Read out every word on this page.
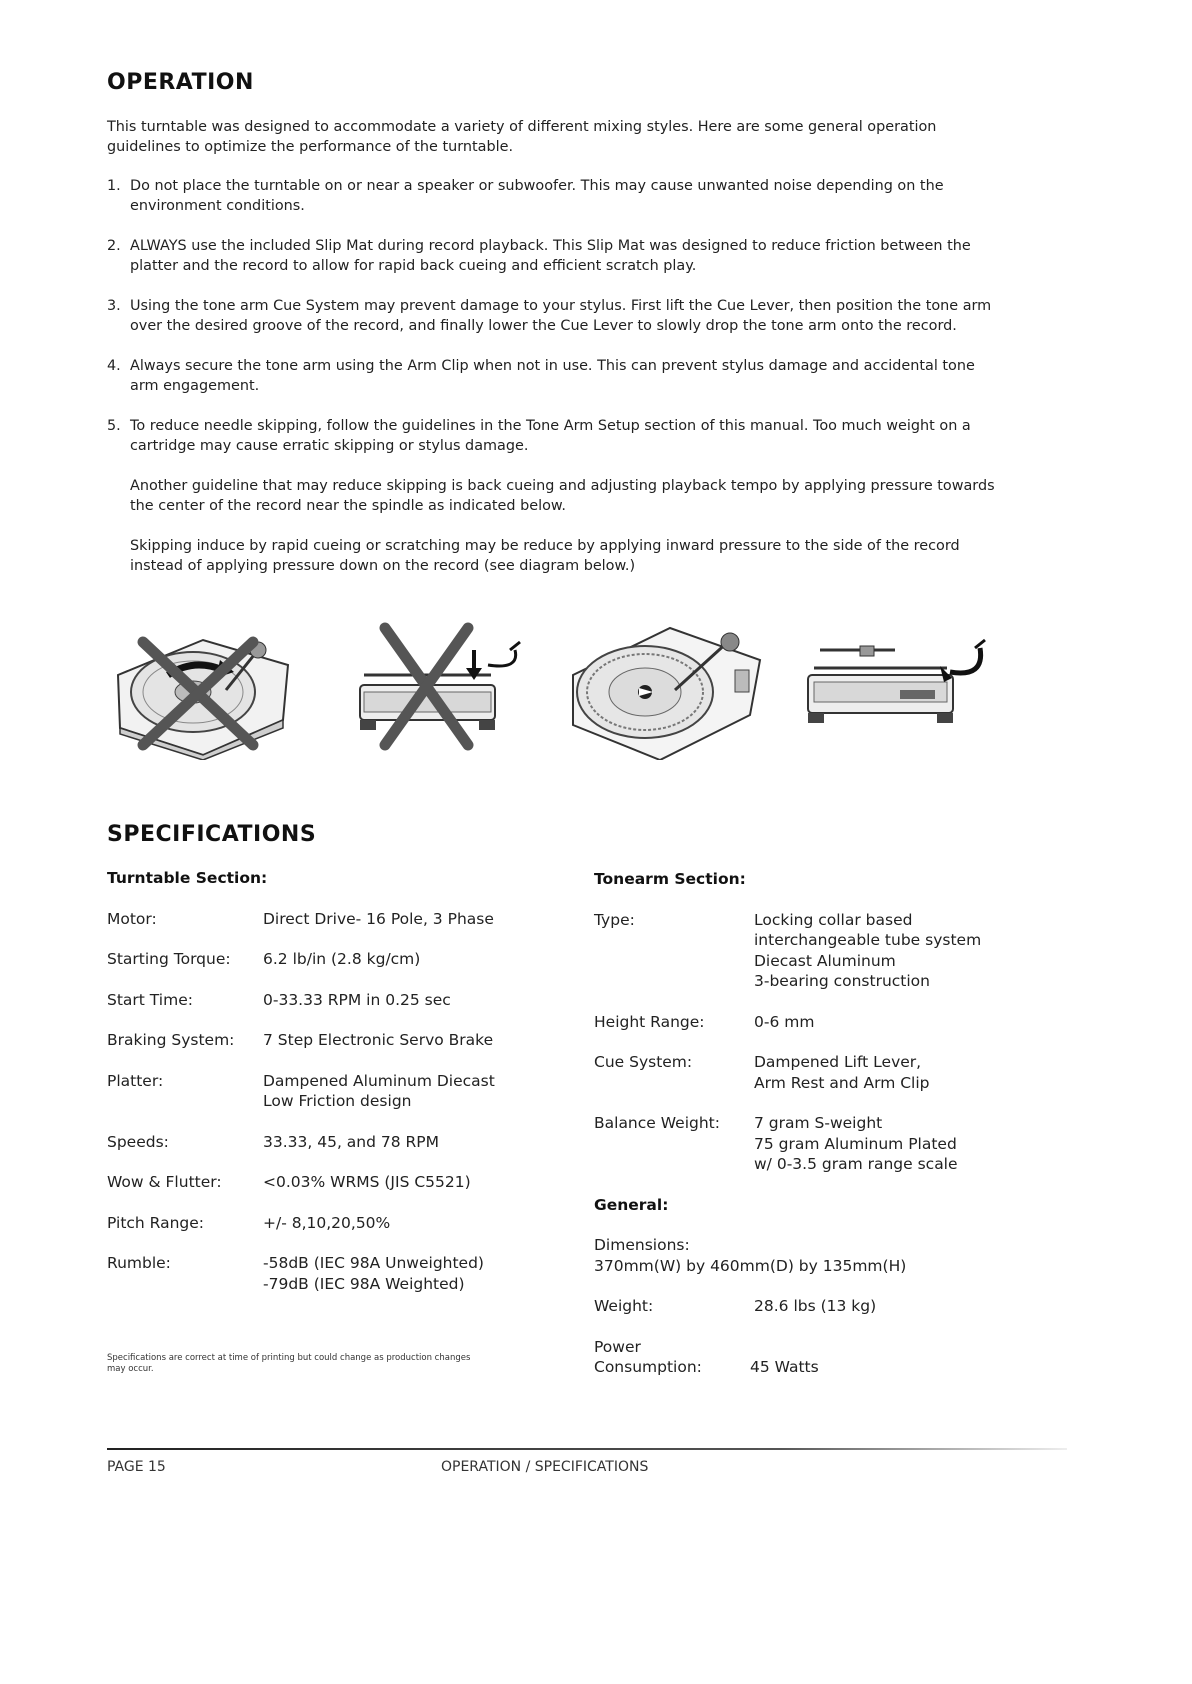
OPERATION

This turntable was designed to accommodate a variety of different mixing styles. Here are some general operation guidelines to optimize the performance of the turntable.

1. Do not place the turntable on or near a speaker or subwoofer. This may cause unwanted noise depending on the environment conditions.

2. ALWAYS use the included Slip Mat during record playback. This Slip Mat was designed to reduce friction between the platter and the record to allow for rapid back cueing and efficient scratch play.

3. Using the tone arm Cue System may prevent damage to your stylus. First lift the Cue Lever, then position the tone arm over the desired groove of the record, and finally lower the Cue Lever to slowly drop the tone arm onto the record.

4. Always secure the tone arm using the Arm Clip when not in use. This can prevent stylus damage and accidental tone arm engagement.

5. To reduce needle skipping, follow the guidelines in the Tone Arm Setup section of this manual. Too much weight on a cartridge may cause erratic skipping or stylus damage.

Another guideline that may reduce skipping is back cueing and adjusting playback tempo by applying pressure towards the center of the record near the spindle as indicated below.

Skipping induce by rapid cueing or scratching may be reduce by applying inward pressure to the side of the record instead of applying pressure down on the record (see diagram below.)

SPECIFICATIONS
Turntable Section:
Motor:	Direct Drive- 16 Pole, 3 Phase
Starting Torque:	6.2 lb/in (2.8 kg/cm)
Start Time:	0-33.33 RPM in 0.25 sec
Braking System:	7 Step Electronic Servo Brake
Platter:	Dampened Aluminum Diecast
Low Friction design
Speeds:	33.33, 45, and 78 RPM
Wow & Flutter:	<0.03% WRMS (JIS C5521)
Pitch Range:	+/- 8,10,20,50%
Rumble:	-58dB (IEC 98A Unweighted)
-79dB (IEC 98A Weighted)
Tonearm Section:
Type:	Locking collar based
interchangeable tube system
Diecast Aluminum
3-bearing construction
Height Range:	0-6 mm
Cue System:	Dampened Lift Lever,
Arm Rest and Arm Clip
Balance Weight:	7 gram S-weight
75 gram Aluminum Plated
w/ 0-3.5 gram range scale
General:
Dimensions:
370mm(W) by 460mm(D) by 135mm(H)
Weight:	28.6 lbs (13 kg)
Power
Consumption:	45 Watts
Specifications are correct at time of printing but could change as production changes may occur.
PAGE 15	OPERATION / SPECIFICATIONS
